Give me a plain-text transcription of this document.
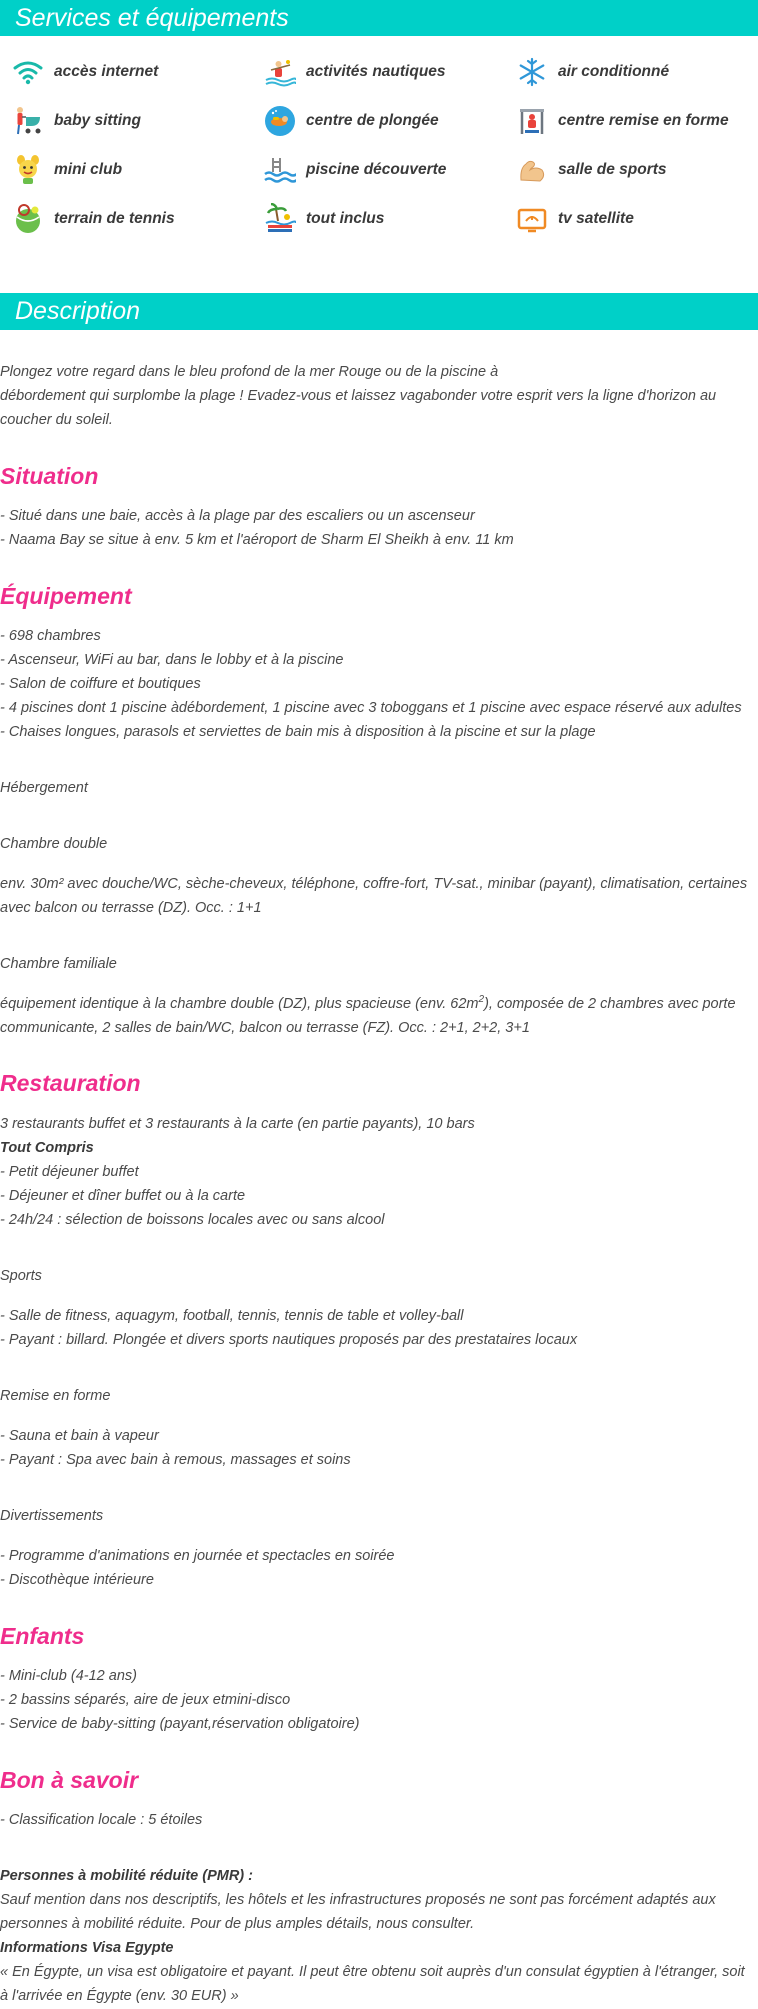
Services et équipements
accès internet	activités nautiques	air conditionné
baby sitting	centre de plongée	centre remise en forme
mini club	piscine découverte	salle de sports
terrain de tennis	tout inclus	tv satellite
Description

Plongez votre regard dans le bleu profond de la mer Rouge ou de la piscine à

débordement qui surplombe la plage ! Evadez-vous et laissez vagabonder votre esprit vers la ligne d'horizon au coucher du soleil.

Situation

- Situé dans une baie, accès à la plage par des escaliers ou un ascenseur

- Naama Bay se situe à env. 5 km et l'aéroport de Sharm El Sheikh à env. 11 km

Équipement

- 698 chambres

- Ascenseur, WiFi au bar, dans le lobby et à la piscine

- Salon de coiffure et boutiques

- 4 piscines dont 1 piscine àdébordement, 1 piscine avec 3 toboggans et 1 piscine avec espace réservé aux adultes

- Chaises longues, parasols et serviettes de bain mis à disposition à la piscine et sur la plage

Hébergement

Chambre double

env. 30m² avec douche/WC, sèche-cheveux, téléphone, coffre-fort, TV-sat., minibar (payant), climatisation, certaines avec balcon ou terrasse (DZ). Occ. : 1+1

Chambre familiale

équipement identique à la chambre double (DZ), plus spacieuse (env. $62m^2$), composée de 2 chambres avec porte communicante, 2 salles de bain/WC, balcon ou terrasse (FZ). Occ. : 2+1, 2+2, 3+1

Restauration

3 restaurants buffet et 3 restaurants à la carte (en partie payants), 10 bars

Tout Compris

- Petit déjeuner buffet

- Déjeuner et dîner buffet ou à la carte

- 24h/24 : sélection de boissons locales avec ou sans alcool

Sports

- Salle de fitness, aquagym, football, tennis, tennis de table et volley-ball

- Payant : billard. Plongée et divers sports nautiques proposés par des prestataires locaux

Remise en forme

- Sauna et bain à vapeur

- Payant : Spa avec bain à remous, massages et soins

Divertissements

- Programme d'animations en journée et spectacles en soirée

- Discothèque intérieure

Enfants

- Mini-club (4-12 ans)

- 2 bassins séparés, aire de jeux etmini-disco

- Service de baby-sitting (payant,réservation obligatoire)

Bon à savoir

- Classification locale : 5 étoiles

Personnes à mobilité réduite (PMR) :

Sauf mention dans nos descriptifs, les hôtels et les infrastructures proposés ne sont pas forcément adaptés aux personnes à mobilité réduite. Pour de plus amples détails, nous consulter.

Informations Visa Egypte

« En Égypte, un visa est obligatoire et payant. Il peut être obtenu soit auprès d'un consulat égyptien à l'étranger, soit à l'arrivée en Égypte (env. 30 EUR) »
